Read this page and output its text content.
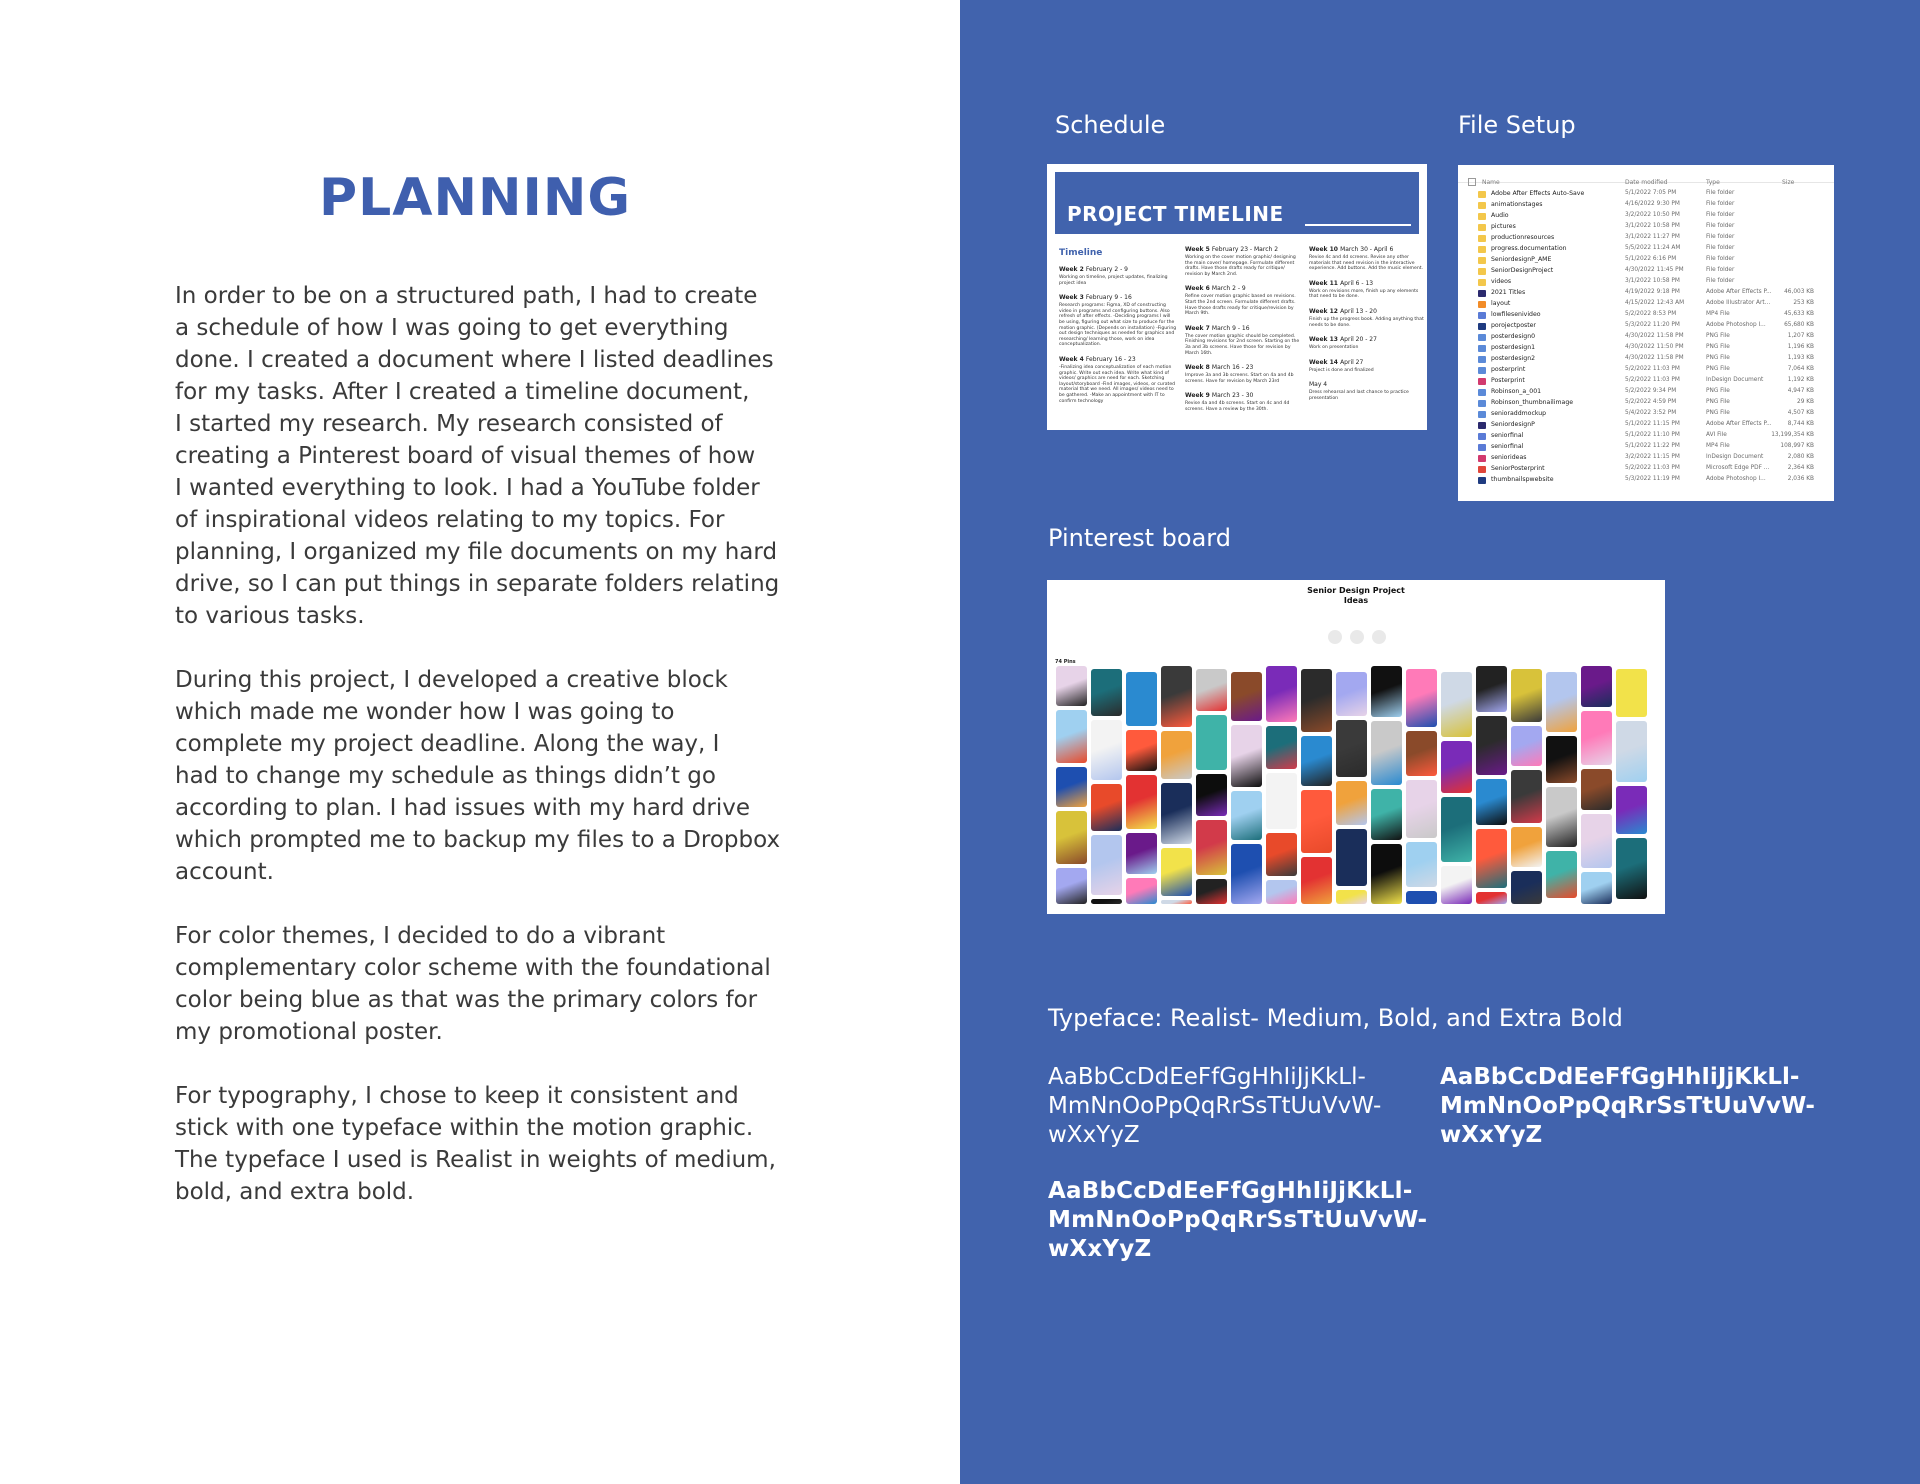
PLANNING

In order to be on a structured path, I had to create
a schedule of how I was going to get everything
done. I created a document where I listed deadlines
for my tasks. After I created a timeline document,
I started my research. My research consisted of
creating a Pinterest board of visual themes of how
I wanted everything to look. I had a YouTube folder
of inspirational videos relating to my topics. For
planning, I organized my file documents on my hard
drive, so I can put things in separate folders relating
to various tasks.

During this project, I developed a creative block
which made me wonder how I was going to
complete my project deadline. Along the way, I
had to change my schedule as things didn’t go
according to plan. I had issues with my hard drive
which prompted me to backup my files to a Dropbox
account.

For color themes, I decided to do a vibrant
complementary color scheme with the foundational
color being blue as that was the primary colors for
my promotional poster.

For typography, I chose to keep it consistent and
stick with one typeface within the motion graphic.
The typeface I used is Realist in weights of medium,
bold, and extra bold.

Schedule	File Setup
PROJECT TIMELINE
Timeline
Week 2 February 2 - 9
Working on timeline, project updates, finalizing project idea
Week 3 February 9 - 16
Research programs: Figma, XD of constructing video in programs and configuring buttons. Also refresh of after effects. -Deciding programs I will be using, figuring out what size to produce for the motion graphic. (Depends on installation) -Figuring out design techniques as needed for graphics and researching/ learning those, work on idea conceptualization.
Week 4 February 16 - 23
-Finalizing idea conceptualization of each motion graphic. Write out each idea. Write what kind of videos/ graphics are need for each. Sketching layout/storyboard -Find images, videos, or curated material that we need. All images/ videos need to be gathered. -Make an appointment with IT to confirm technology
Week 5 February 23 - March 2
Working on the cover motion graphic/ designing the main cover/ homepage. Formulate different drafts. Have those drafts ready for critique/ revision by March 2nd.
Week 6 March 2 - 9
Refine cover motion graphic based on revisions. Start the 2nd screen. Formulate different drafts. Have those drafts ready for critique/revision by March 9th.
Week 7 March 9 - 16
The cover motion graphic should be completed. Finishing revisions for 2nd screen. Starting on the 3a and 3b screens. Have those for revision by March 16th.
Week 8 March 16 - 23
Improve 3a and 3b screens. Start on 4a and 4b screens. Have for revision by March 23rd
Week 9 March 23 - 30
Revise 4a and 4b screens. Start on 4c and 4d screens. Have a review by the 30th.
Week 10 March 30 - April 6
Revise 4c and 4d screens. Revise any other materials that need revision in the interactive experience. Add buttons. Add the music element.
Week 11 April 6 - 13
Work on revisions more, finish up any elements that need to be done.
Week 12 April 13 - 20
Finish up the progress book. Adding anything that needs to be done.
Week 13 April 20 - 27
Work on presentation
Week 14 April 27
Project is done and finalized
May 4
Dress rehearsal and last chance to practice presentation
Name	Date modified	Type	Size
Adobe After Effects Auto-Save	5/1/2022 7:05 PM	File folder
animationstages	4/16/2022 9:30 PM	File folder
Audio	3/2/2022 10:50 PM	File folder
pictures	3/1/2022 10:58 PM	File folder
productionresources	3/1/2022 11:27 PM	File folder
progress.documentation	5/5/2022 11:24 AM	File folder
SeniordesignP_AME	5/1/2022 6:16 PM	File folder
SeniorDesignProject	4/30/2022 11:45 PM	File folder
videos	3/1/2022 10:58 PM	File folder
2021 Titles	4/19/2022 9:18 PM	Adobe After Effects P... 46,003 KB
layout	4/15/2022 12:43 AM	Adobe Illustrator Art...	253 KB
lowfilesenivideo	5/2/2022 8:53 PM	MP4 File	45,633 KB
porojectposter	5/3/2022 11:20 PM	Adobe Photoshop I...	65,680 KB
posterdesign0	4/30/2022 11:58 PM	PNG File	1,207 KB
posterdesign1	4/30/2022 11:50 PM	PNG File	1,196 KB
posterdesign2	4/30/2022 11:58 PM	PNG File	1,193 KB
posterprint	5/2/2022 11:03 PM	PNG File	7,064 KB
Posterprint	5/2/2022 11:03 PM	InDesign Document	1,192 KB
Robinson_a_001	5/2/2022 9:34 PM	PNG File	4,947 KB
Robinson_thumbnailimage	5/2/2022 4:59 PM	PNG File	29 KB
senioraddmockup	5/4/2022 3:52 PM	PNG File	4,507 KB
SeniordesignP	5/1/2022 11:15 PM	Adobe After Effects P...	8,744 KB
seniorfinal	5/1/2022 11:10 PM	AVI File	13,199,354 KB
seniorfinal	5/1/2022 11:22 PM	MP4 File	108,997 KB
seniorideas	3/2/2022 11:15 PM	InDesign Document	2,080 KB
SeniorPosterprint	5/2/2022 11:03 PM	Microsoft Edge PDF ...	2,364 KB
thumbnailspwebsite	5/3/2022 11:19 PM	Adobe Photoshop I...	2,036 KB
Pinterest board
Senior Design Project
Ideas
74 Pins
Typeface: Realist- Medium, Bold, and Extra Bold
AaBbCcDdEeFfGgHhIiJjKkLl-
MmNnOoPpQqRrSsTtUuVvW-
wXxYyZ
AaBbCcDdEeFfGgHhIiJjKkLl-
MmNnOoPpQqRrSsTtUuVvW-
wXxYyZ
AaBbCcDdEeFfGgHhIiJjKkLl-
MmNnOoPpQqRrSsTtUuVvW-
wXxYyZ
